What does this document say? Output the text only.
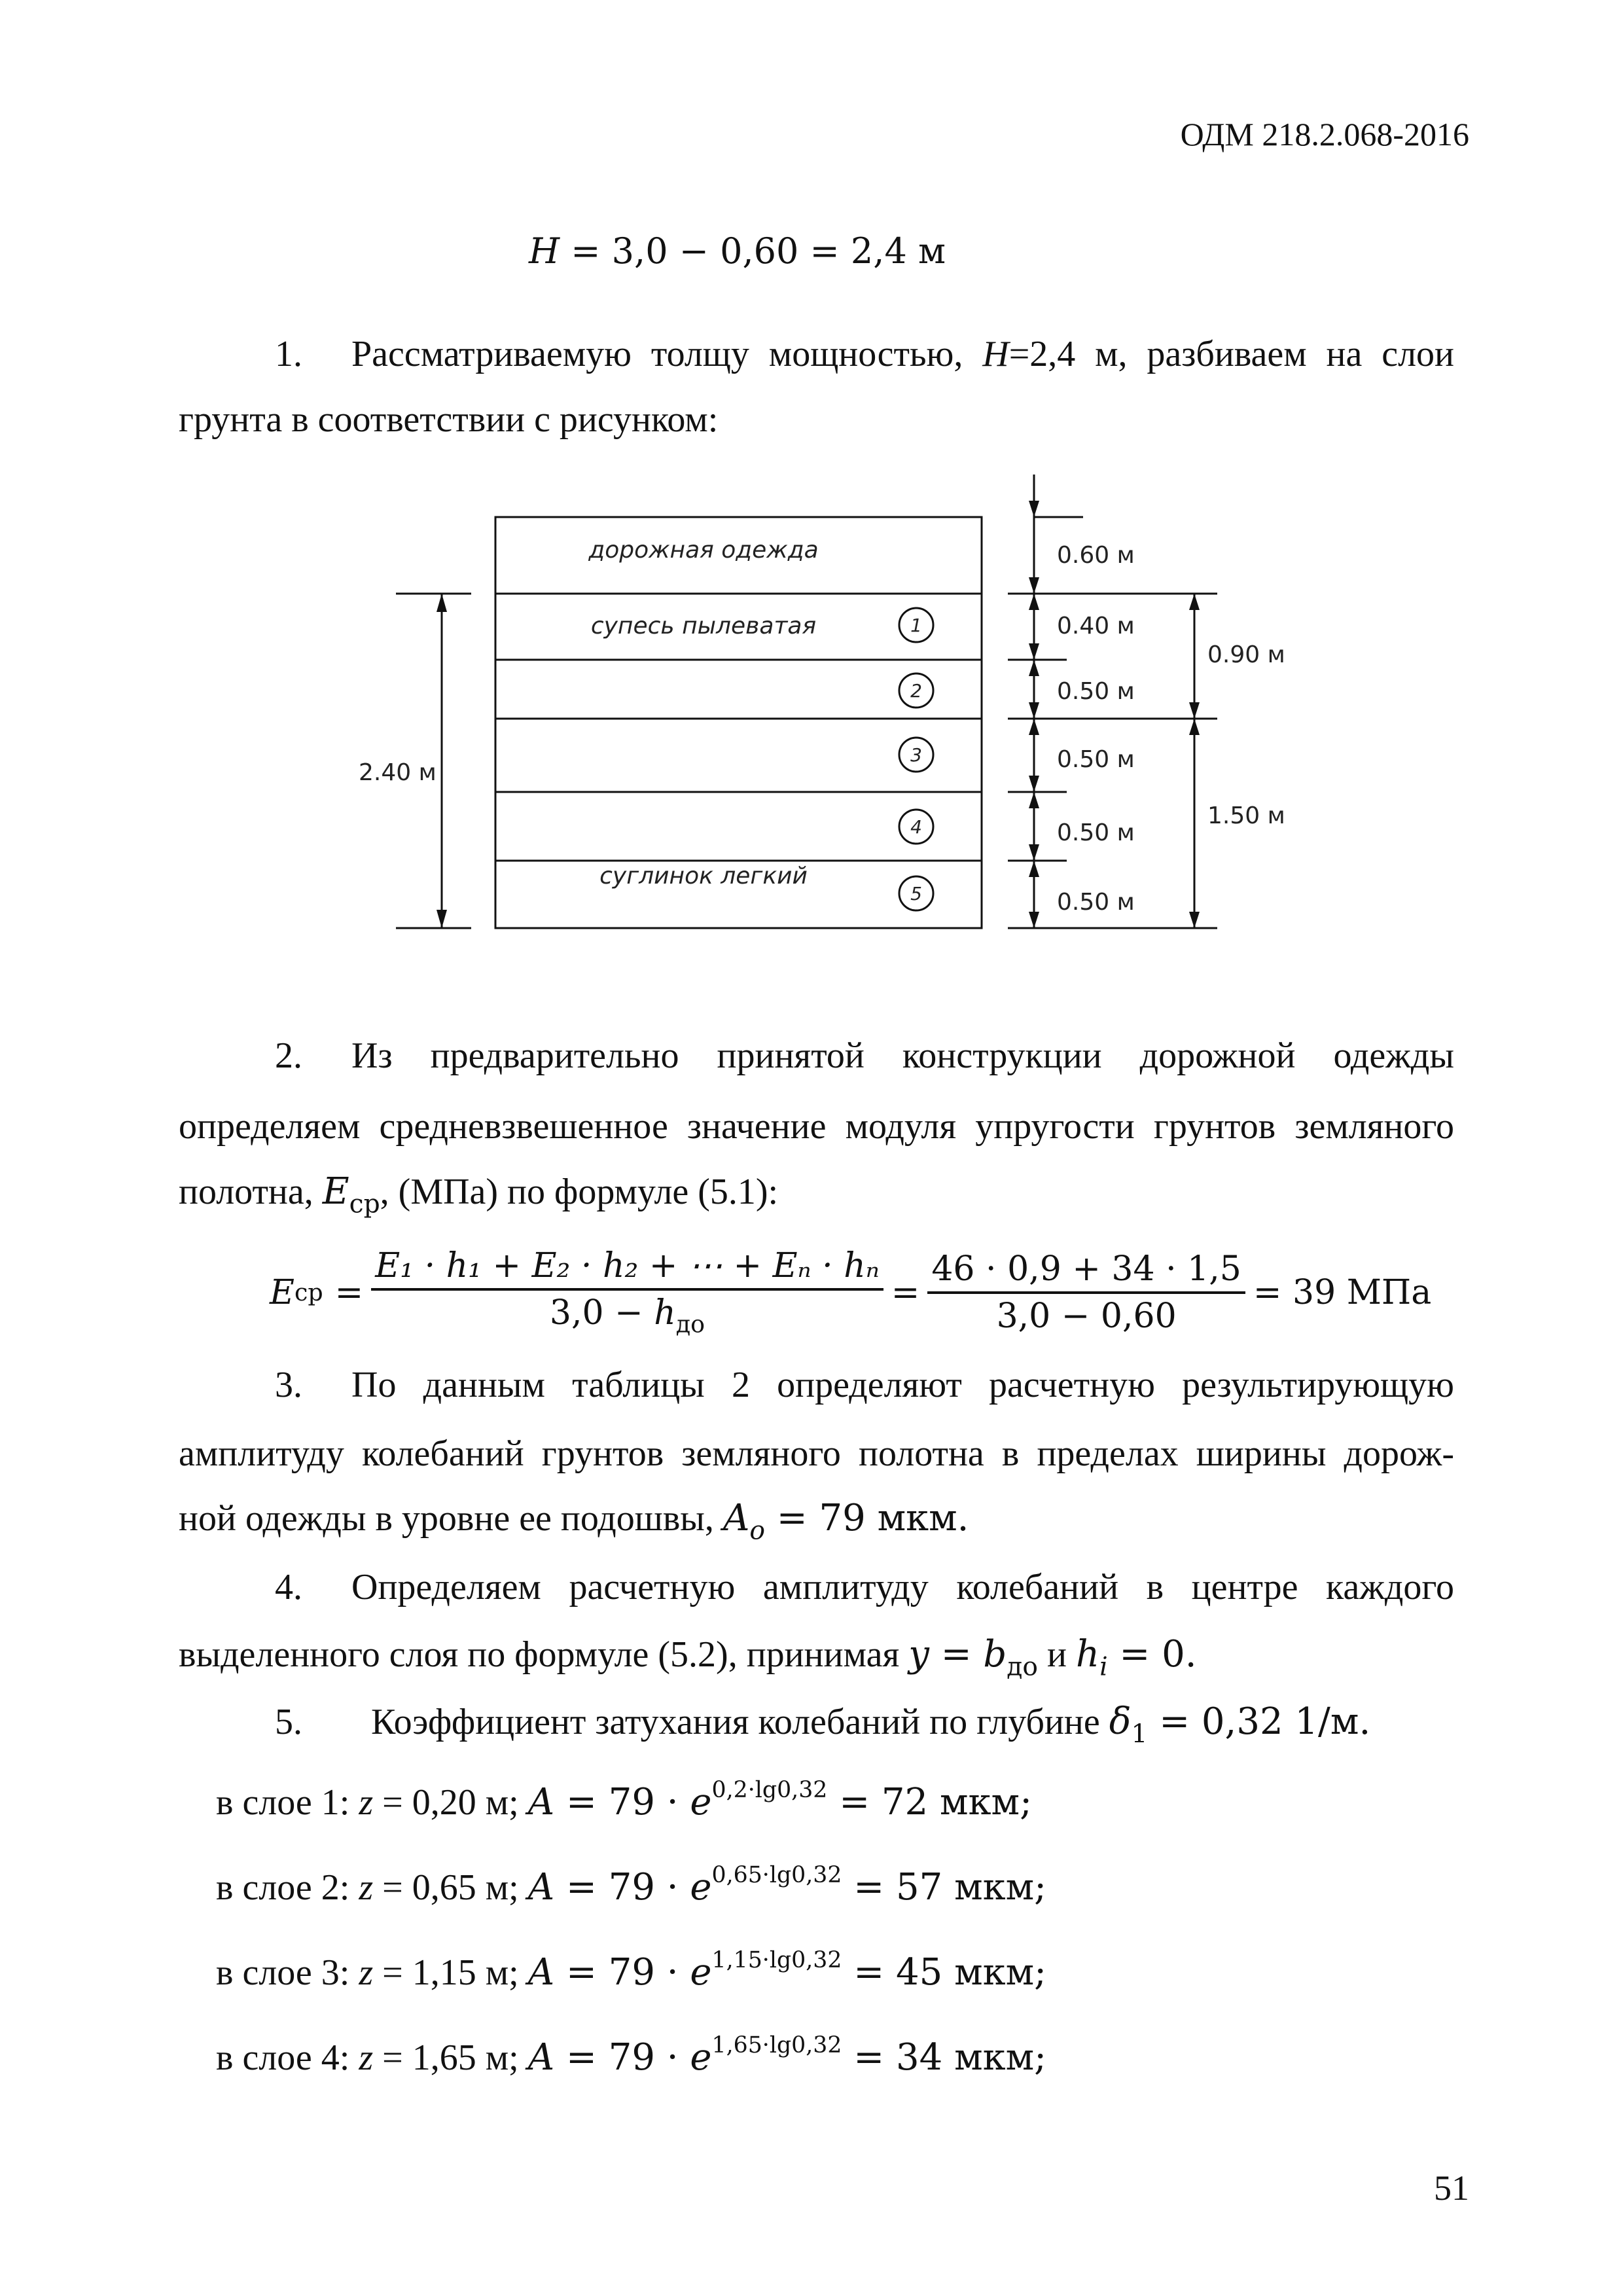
ОДМ 218.2.068-2016
H = 3,0 − 0,60 = 2,4 м
1. Рассматриваемую толщу мощностью, H=2,4 м, разбиваем на слои
грунта в соответствии с рисунком:
дорожная одежда
супесь пылеватая
суглинок легкий
1
2
3
4
5
0.60 м
0.40 м
0.50 м
0.50 м
0.50 м
0.50 м
0.90 м
1.50 м
2.40 м
2. Из предварительно принятой конструкции дорожной одежды
определяем средневзвешенное значение модуля упругости грунтов земляного
полотна, $E_{ср}$, (МПа) по формуле (5.1):
E ср = $\frac{\text{E₁ · h₁ + E₂ · h₂ + ⋯ + Eₙ · hₙ}}{3,0 - h_{до}} = \frac{46 \cdot 0,9 + 34 \cdot 1,5}{3,0 - 0,60} = 39$ МПа
3. По данным таблицы 2 определяют расчетную результирующую
амплитуду колебаний грунтов земляного полотна в пределах ширины дорож-
ной одежды в уровне ее подошвы, $A_o = 79$ мкм.
4. Определяем расчетную амплитуду колебаний в центре каждого
выделенного слоя по формуле (5.2), принимая $y = b_{до}$ и $h_i = 0$.
5. Коэффициент затухания колебаний по глубине $\delta_1 = 0,32$ 1/м.
в слое 1: z = 0,20 м; $A = 79 \cdot e^{0,2\cdot lg0,32} = 72$ мкм;
в слое 2: z = 0,65 м; $A = 79 \cdot e^{0,65\cdot lg0,32} = 57$ мкм;
в слое 3: z = 1,15 м; $A = 79 \cdot e^{1,15\cdot lg0,32} = 45$ мкм;
в слое 4: z = 1,65 м; $A = 79 \cdot e^{1,65\cdot lg0,32} = 34$ мкм;
51
